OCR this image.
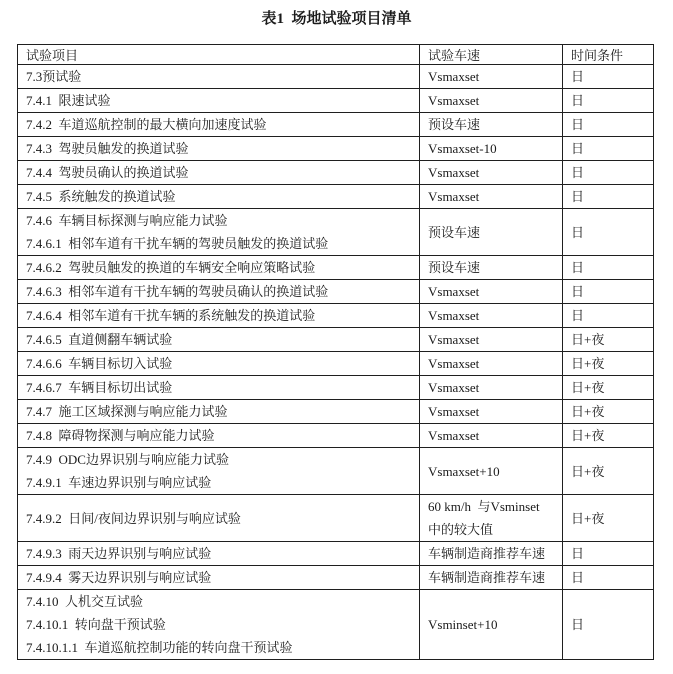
表1  场地试验项目清单
试验项目	试验车速	时间条件

7.3预试验	Vsmaxset	日

7.4.1  限速试验	Vsmaxset	日

7.4.2  车道巡航控制的最大横向加速度试验	预设车速	日

7.4.3  驾驶员触发的换道试验	Vsmaxset-10	日

7.4.4  驾驶员确认的换道试验	Vsmaxset	日

7.4.5  系统触发的换道试验	Vsmaxset	日

7.4.6  车辆目标探测与响应能力试验
7.4.6.1  相邻车道有干扰车辆的驾驶员触发的换道试验	预设车速	日

7.4.6.2  驾驶员触发的换道的车辆安全响应策略试验	预设车速	日

7.4.6.3  相邻车道有干扰车辆的驾驶员确认的换道试验	Vsmaxset	日

7.4.6.4  相邻车道有干扰车辆的系统触发的换道试验	Vsmaxset	日

7.4.6.5  直道侧翻车辆试验	Vsmaxset	日+夜

7.4.6.6  车辆目标切入试验	Vsmaxset	日+夜

7.4.6.7  车辆目标切出试验	Vsmaxset	日+夜

7.4.7  施工区域探测与响应能力试验	Vsmaxset	日+夜

7.4.8  障碍物探测与响应能力试验	Vsmaxset	日+夜

7.4.9  ODC边界识别与响应能力试验
7.4.9.1  车速边界识别与响应试验	Vsmaxset+10	日+夜

7.4.9.2  日间/夜间边界识别与响应试验	60 km/h  与Vsminset
中的较大值	日+夜

7.4.9.3  雨天边界识别与响应试验	车辆制造商推荐车速	日

7.4.9.4  雾天边界识别与响应试验	车辆制造商推荐车速	日

7.4.10  人机交互试验
7.4.10.1  转向盘干预试验
7.4.10.1.1  车道巡航控制功能的转向盘干预试验	Vsminset+10	日
